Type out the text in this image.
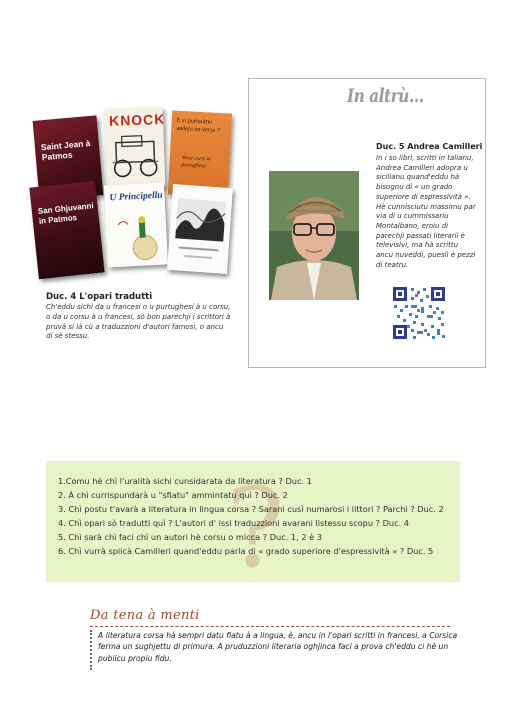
Saint Jean à Patmos
San Ghjuvanni in Patmos
KNOCK E si purissimu andeju un versu ?
Versi corsi in purtughese
U Principellu
Duc. 4 L'opari tradutti
Ch'eddu sichi da u francesi o u purtughesi à u corsu, o da u corsu à u francesi, sò bon parechji i scrittori à pruvà si là cù a traduzzioni d'autori famosi, o ancu di sè stessu.
In altrù...
Duc. 5 Andrea Camilleri
In i so libri, scritti in talianu, Andrea Camilleri adopra u sicilianu quand'eddu hà bisognu di « un grado superiore di espressività ». Hè cunnisciutu massimu par via di u cummissariu Montalbano, eroiu di parechji passati literarii è televisivi, ma hà scrittu ancu nuveddi, pueslì è pezzi di teatru.
?
1.Comu hè chì l'uralità sichi cunsidarata da literatura ? Duc. 1
2. À chì currispundarà u "sfiatu" ammintatu quì ? Duc. 2
3. Chì postu t'avarà a literatura in lingua corsa ? Sarani cusì numarosi i littori ? Parchì ? Duc. 2
4. Chì opari sò tradutti quì ? L'autori d' issi traduzzioni avarani listessu scopu ? Duc. 4
5. Chì sarà chì faci chì un autori hè corsu o micca ? Duc. 1, 2 è 3
6. Chì vurrà spiicà Camilleri quand'eddu parla di « grado superiore d'espressività » ? Duc. 5
Da tena à menti
A literatura corsa hà sempri datu fiatu à a lingua, è, ancu in l'opari scritti in francesi, a Corsica ferma un sughjettu di primura. A pruduzzioni literaria oghjinca faci a prova ch'eddu ci hè un publicu propiu fidu.
